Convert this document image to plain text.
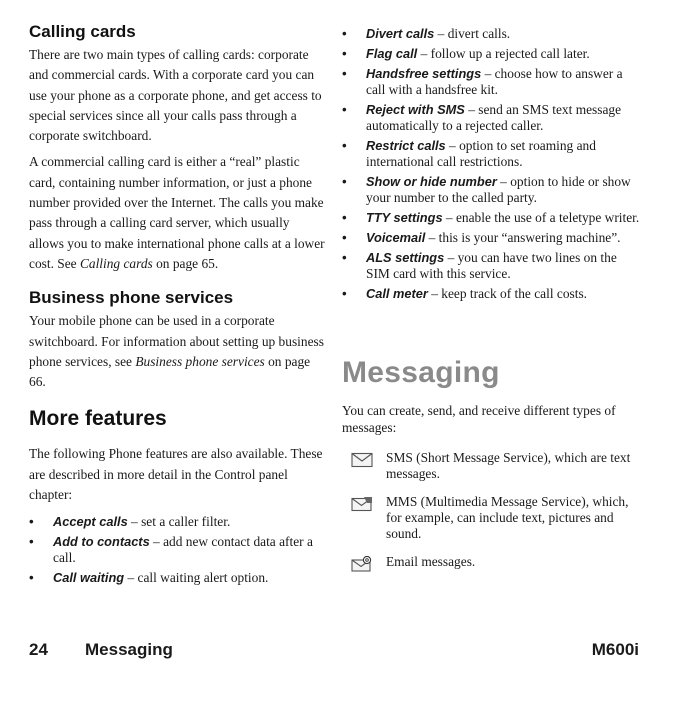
Calling cards

There are two main types of calling cards: corporate and commercial cards. With a corporate card you can use your phone as a corporate phone, and get access to special services since all your calls pass through a corporate switchboard.

A commercial calling card is either a “real” plastic card, containing number information, or just a phone number provided over the Internet. The calls you make pass through a calling card server, which usually allows you to make international phone calls at a lower cost. See Calling cards on page 65.

Business phone services

Your mobile phone can be used in a corporate switchboard. For information about setting up business phone services, see Business phone services on page 66.

More features

The following Phone features are also available. These are described in more detail in the Control panel chapter:

• Accept calls – set a caller filter.
• Add to contacts – add new contact data after a call.
• Call waiting – call waiting alert option.
• Divert calls – divert calls.
• Flag call – follow up a rejected call later.
• Handsfree settings – choose how to answer a call with a handsfree kit.
• Reject with SMS – send an SMS text message automatically to a rejected caller.
• Restrict calls – option to set roaming and international call restrictions.
• Show or hide number – option to hide or show your number to the called party.
• TTY settings – enable the use of a teletype writer.
• Voicemail – this is your “answering machine”.
• ALS settings – you can have two lines on the SIM card with this service.
• Call meter – keep track of the call costs.
Messaging

You can create, send, and receive different types of messages:

SMS (Short Message Service), which are text messages.

MMS (Multimedia Message Service), which, for example, can include text, pictures and sound.

Email messages.

24 Messaging	M600i
